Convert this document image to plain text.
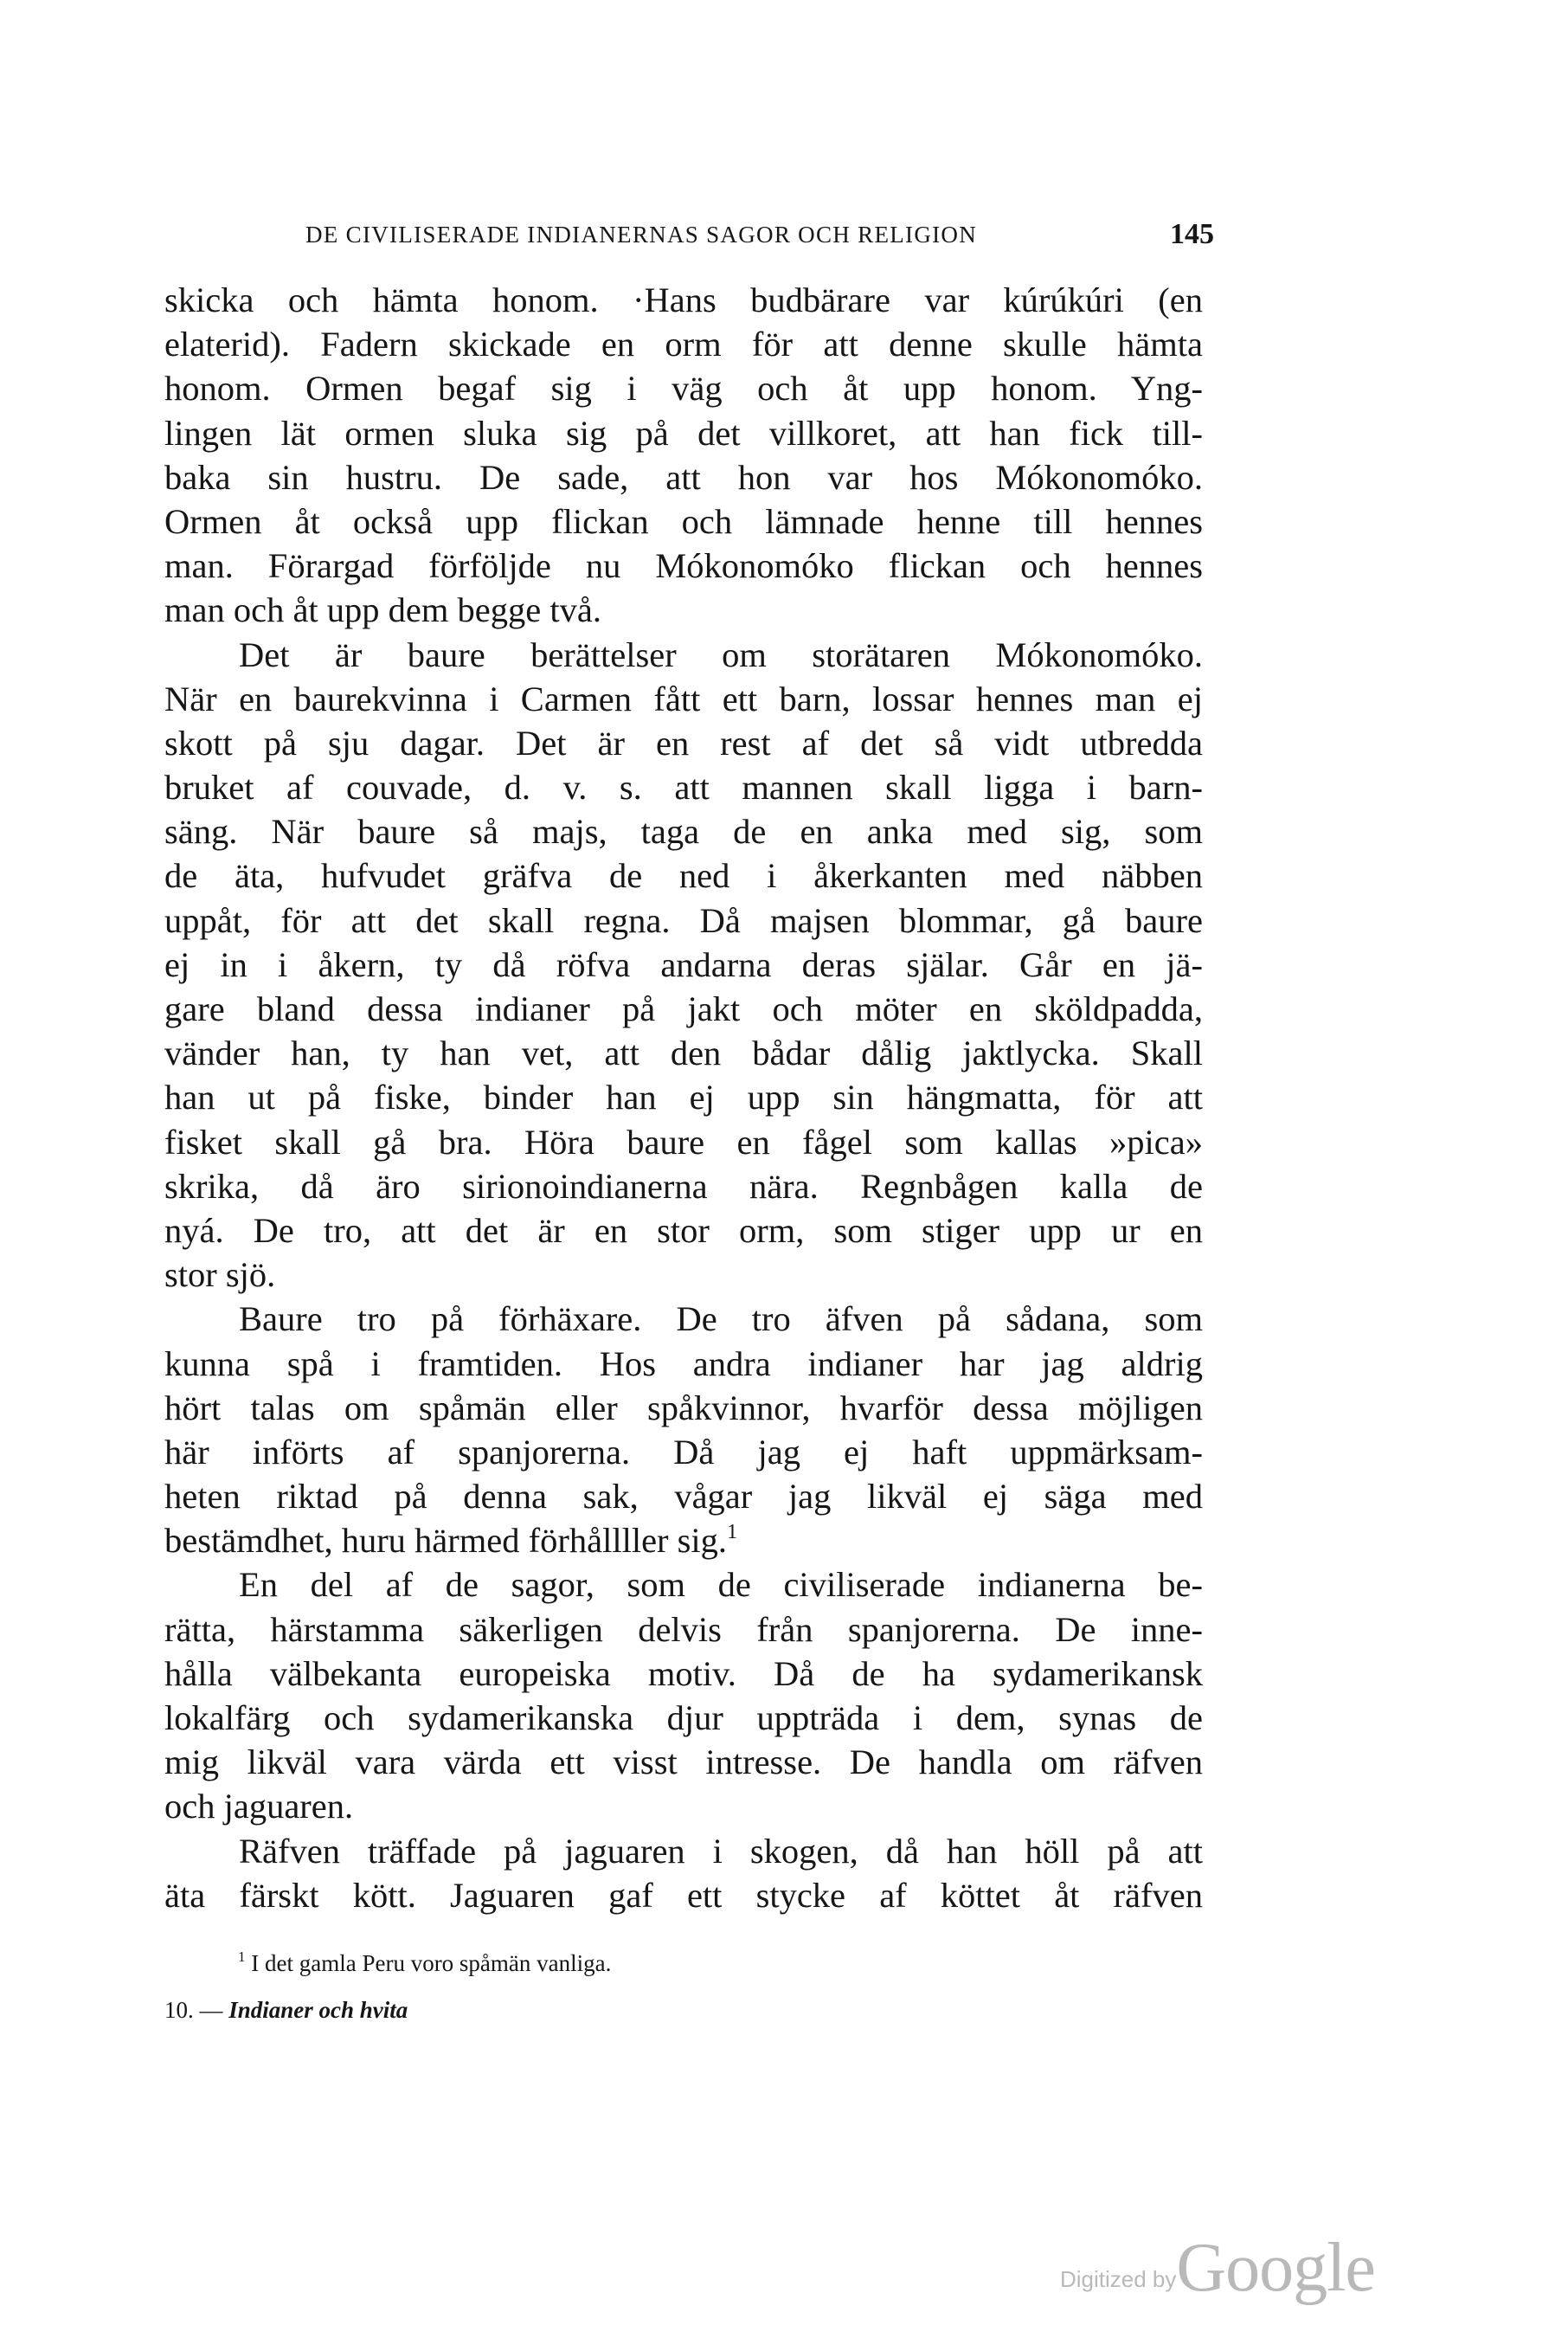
DE CIVILISERADE INDIANERNAS SAGOR OCH RELIGION	145
skicka och hämta honom. ·Hans budbärare var kúrúkúri (en
elaterid). Fadern skickade en orm för att denne skulle hämta
honom. Ormen begaf sig i väg och åt upp honom. Yng-
lingen lät ormen sluka sig på det villkoret, att han fick till-
baka sin hustru. De sade, att hon var hos Mókonomóko.
Ormen åt också upp flickan och lämnade henne till hennes
man. Förargad förföljde nu Mókonomóko flickan och hennes
man och åt upp dem begge två.
Det är baure berättelser om storätaren Mókonomóko.
När en baurekvinna i Carmen fått ett barn, lossar hennes man ej
skott på sju dagar. Det är en rest af det så vidt utbredda
bruket af couvade, d. v. s. att mannen skall ligga i barn-
säng. När baure så majs, taga de en anka med sig, som
de äta, hufvudet gräfva de ned i åkerkanten med näbben
uppåt, för att det skall regna. Då majsen blommar, gå baure
ej in i åkern, ty då röfva andarna deras själar. Går en jä-
gare bland dessa indianer på jakt och möter en sköldpadda,
vänder han, ty han vet, att den bådar dålig jaktlycka. Skall
han ut på fiske, binder han ej upp sin hängmatta, för att
fisket skall gå bra. Höra baure en fågel som kallas »pica»
skrika, då äro sirionoindianerna nära. Regnbågen kalla de
nyá. De tro, att det är en stor orm, som stiger upp ur en
stor sjö.
Baure tro på förhäxare. De tro äfven på sådana, som
kunna spå i framtiden. Hos andra indianer har jag aldrig
hört talas om spåmän eller spåkvinnor, hvarför dessa möjligen
här införts af spanjorerna. Då jag ej haft uppmärksam-
heten riktad på denna sak, vågar jag likväl ej säga med
bestämdhet, huru härmed förhållller sig.$^1$
En del af de sagor, som de civiliserade indianerna be-
rätta, härstamma säkerligen delvis från spanjorerna. De inne-
hålla välbekanta europeiska motiv. Då de ha sydamerikansk
lokalfärg och sydamerikanska djur uppträda i dem, synas de
mig likväl vara värda ett visst intresse. De handla om räfven
och jaguaren.
Räfven träffade på jaguaren i skogen, då han höll på att
äta färskt kött. Jaguaren gaf ett stycke af köttet åt räfven
$^1$ I det gamla Peru voro spåmän vanliga.
10. — Indianer och hvita
Digitized byGoogle
